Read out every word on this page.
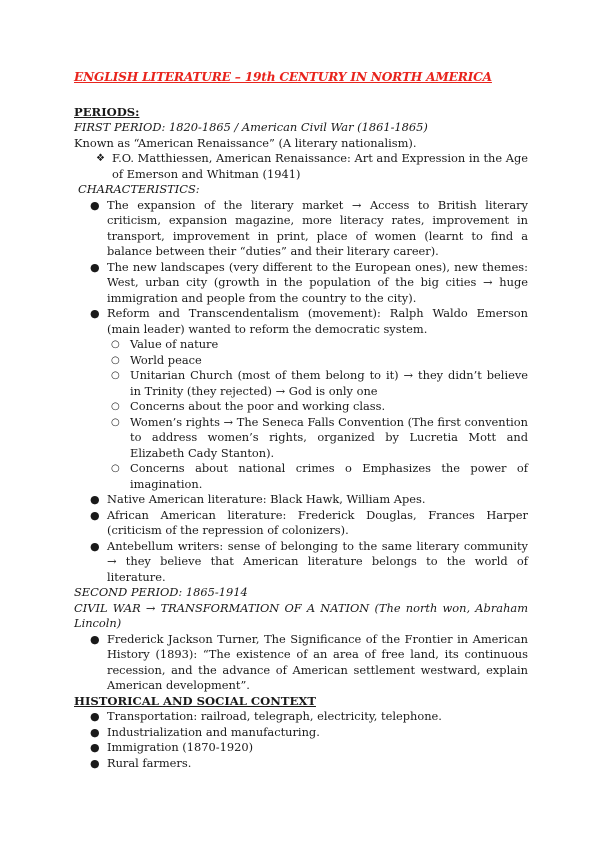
ENGLISH LITERATURE – 19th CENTURY IN NORTH AMERICA

PERIODS:

FIRST PERIOD: 1820-1865 / American Civil War (1861-1865)

Known as “American Renaissance” (A literary nationalism).

❖ F.O. Matthiessen, American Renaissance: Art and Expression in the Age of Emerson and Whitman (1941)

CHARACTERISTICS:

● The expansion of the literary market → Access to British literary criticism, expansion magazine, more literacy rates, improvement in transport, improvement in print, place of women (learnt to find a balance between their “duties” and their literary career).
● The new landscapes (very different to the European ones), new themes: West, urban city (growth in the population of the big cities → huge immigration and people from the country to the city).
● Reform and Transcendentalism (movement): Ralph Waldo Emerson (main leader) wanted to reform the democratic system.
○ Value of nature
○ World peace
○ Unitarian Church (most of them belong to it) → they didn’t believe in Trinity (they rejected) → God is only one
○ Concerns about the poor and working class.
○ Women’s rights → The Seneca Falls Convention (The first convention to address women’s rights, organized by Lucretia Mott and Elizabeth Cady Stanton).
○ Concerns about national crimes o Emphasizes the power of imagination.
● Native American literature: Black Hawk, William Apes.
● African American literature: Frederick Douglas, Frances Harper (criticism of the repression of colonizers).
● Antebellum writers: sense of belonging to the same literary community → they believe that American literature belongs to the world of literature.

SECOND PERIOD: 1865-1914

CIVIL WAR → TRANSFORMATION OF A NATION (The north won, Abraham Lincoln)

● Frederick Jackson Turner, The Significance of the Frontier in American History (1893): “The existence of an area of free land, its continuous recession, and the advance of American settlement westward, explain American development”.

HISTORICAL AND SOCIAL CONTEXT

● Transportation: railroad, telegraph, electricity, telephone.
● Industrialization and manufacturing.
● Immigration (1870-1920)
● Rural farmers.
